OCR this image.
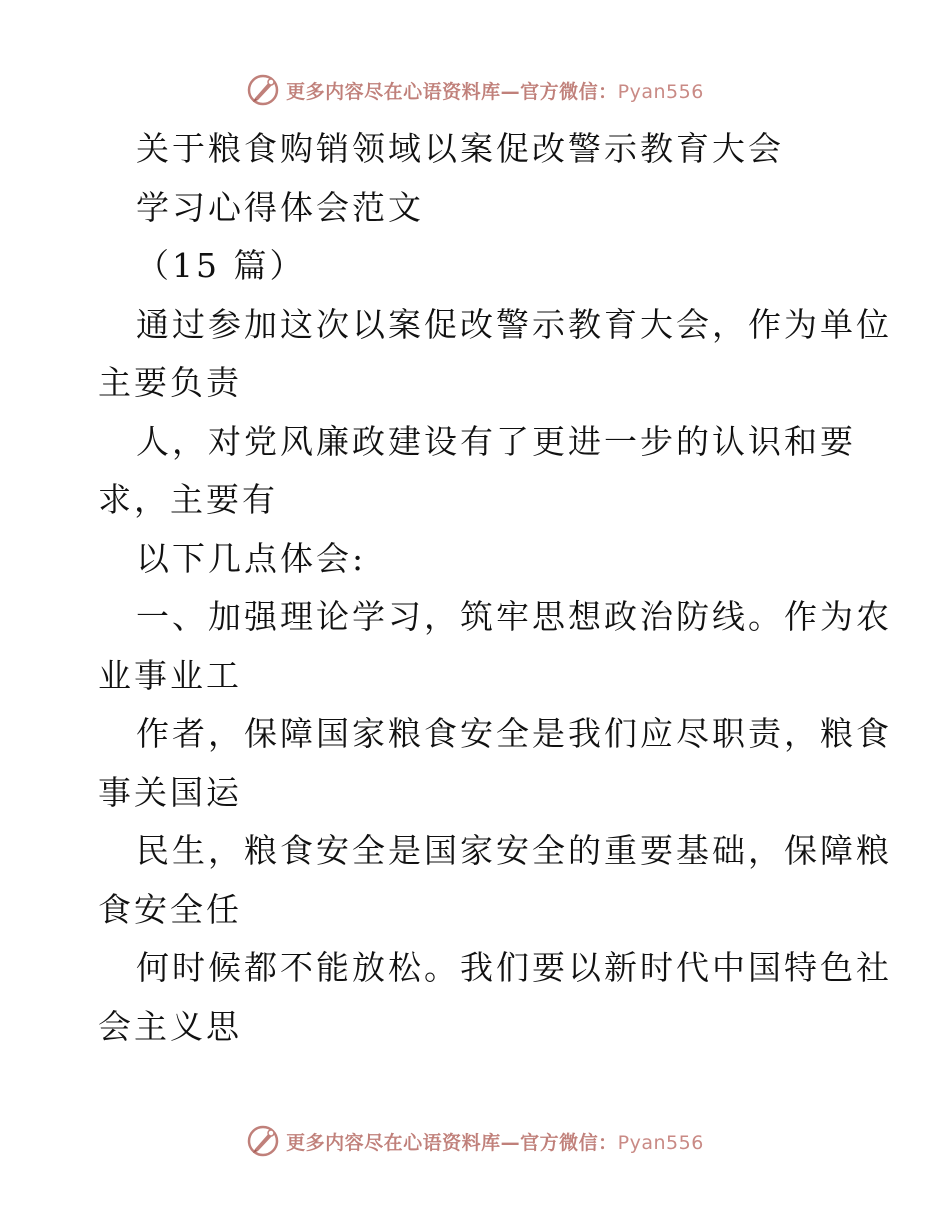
更多内容尽在心语资料库—官方微信：Pyan556
关于粮食购销领域以案促改警示教育大会
学习心得体会范文
（15 篇）
通过参加这次以案促改警示教育大会，作为单位
主要负责
人，对党风廉政建设有了更进一步的认识和要
求，主要有
以下几点体会:
一、加强理论学习，筑牢思想政治防线。作为农
业事业工
作者，保障国家粮食安全是我们应尽职责，粮食
事关国运
民生，粮食安全是国家安全的重要基础，保障粮
食安全任
何时候都不能放松。我们要以新时代中国特色社
会主义思
更多内容尽在心语资料库—官方微信：Pyan556
